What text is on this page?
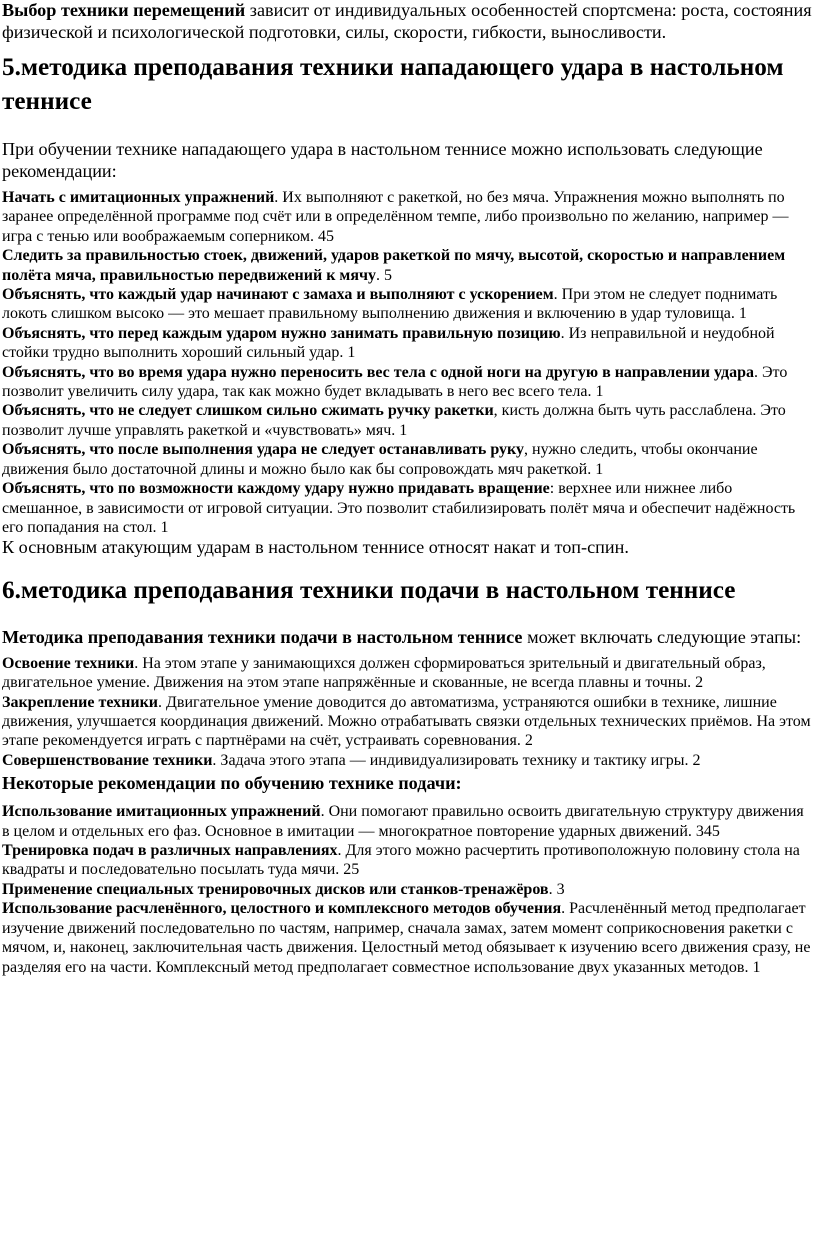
Выбор техники перемещений зависит от индивидуальных особенностей спортсмена: роста, состояния физической и психологической подготовки, силы, скорости, гибкости, выносливости.

5.методика преподавания техники нападающего удара в настольном теннисе

При обучении технике нападающего удара в настольном теннисе можно использовать следующие рекомендации:

Начать с имитационных упражнений. Их выполняют с ракеткой, но без мяча. Упражнения можно выполнять по заранее определённой программе под счёт или в определённом темпе, либо произвольно по желанию, например — игра с тенью или воображаемым соперником. 45

Следить за правильностью стоек, движений, ударов ракеткой по мячу, высотой, скоростью и направлением полёта мяча, правильностью передвижений к мячу. 5

Объяснять, что каждый удар начинают с замаха и выполняют с ускорением. При этом не следует поднимать локоть слишком высоко — это мешает правильному выполнению движения и включению в удар туловища. 1

Объяснять, что перед каждым ударом нужно занимать правильную позицию. Из неправильной и неудобной стойки трудно выполнить хороший сильный удар. 1

Объяснять, что во время удара нужно переносить вес тела с одной ноги на другую в направлении удара. Это позволит увеличить силу удара, так как можно будет вкладывать в него вес всего тела. 1

Объяснять, что не следует слишком сильно сжимать ручку ракетки, кисть должна быть чуть расслаблена. Это позволит лучше управлять ракеткой и «чувствовать» мяч. 1

Объяснять, что после выполнения удара не следует останавливать руку, нужно следить, чтобы окончание движения было достаточной длины и можно было как бы сопровождать мяч ракеткой. 1

Объяснять, что по возможности каждому удару нужно придавать вращение: верхнее или нижнее либо смешанное, в зависимости от игровой ситуации. Это позволит стабилизировать полёт мяча и обеспечит надёжность его попадания на стол. 1

К основным атакующим ударам в настольном теннисе относят накат и топ-спин.

6.методика преподавания техники подачи в настольном теннисе

Методика преподавания техники подачи в настольном теннисе может включать следующие этапы:

Освоение техники. На этом этапе у занимающихся должен сформироваться зрительный и двигательный образ, двигательное умение. Движения на этом этапе напряжённые и скованные, не всегда плавны и точны. 2

Закрепление техники. Двигательное умение доводится до автоматизма, устраняются ошибки в технике, лишние движения, улучшается координация движений. Можно отрабатывать связки отдельных технических приёмов. На этом этапе рекомендуется играть с партнёрами на счёт, устраивать соревнования. 2

Совершенствование техники. Задача этого этапа — индивидуализировать технику и тактику игры. 2

Некоторые рекомендации по обучению технике подачи:

Использование имитационных упражнений. Они помогают правильно освоить двигательную структуру движения в целом и отдельных его фаз. Основное в имитации — многократное повторение ударных движений. 345

Тренировка подач в различных направлениях. Для этого можно расчертить противоположную половину стола на квадраты и последовательно посылать туда мячи. 25

Применение специальных тренировочных дисков или станков-тренажёров. 3

Использование расчленённого, целостного и комплексного методов обучения. Расчленённый метод предполагает изучение движений последовательно по частям, например, сначала замах, затем момент соприкосновения ракетки с мячом, и, наконец, заключительная часть движения. Целостный метод обязывает к изучению всего движения сразу, не разделяя его на части. Комплексный метод предполагает совместное использование двух указанных методов. 1
